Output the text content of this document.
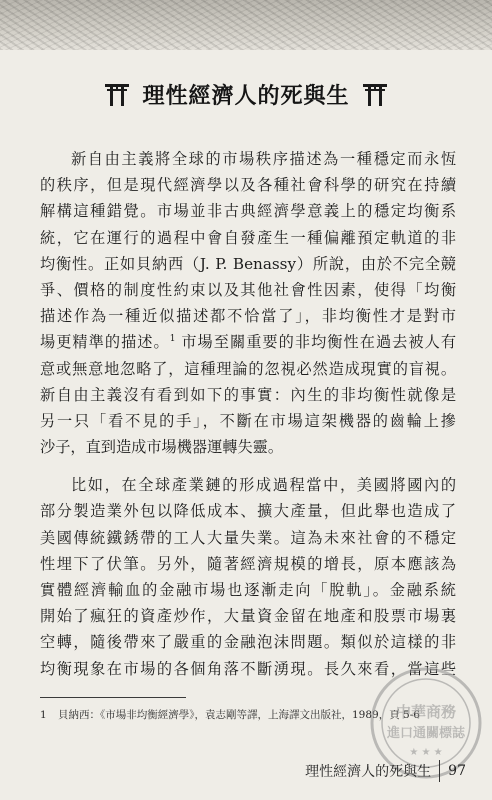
理性經濟人的死與生
新自由主義將全球的市場秩序描述為一種穩定而永恆
的秩序，但是現代經濟學以及各種社會科學的研究在持續
解構這種錯覺。市場並非古典經濟學意義上的穩定均衡系
統，它在運行的過程中會自發產生一種偏離預定軌道的非
均衡性。正如貝納西（J. P. Benassy）所說，由於不完全競
爭、價格的制度性約束以及其他社會性因素，使得「均衡
描述作為一種近似描述都不恰當了」，非均衡性才是對市
場更精準的描述。$^1$ 市場至關重要的非均衡性在過去被人有
意或無意地忽略了，這種理論的忽視必然造成現實的盲視。
新自由主義沒有看到如下的事實：內生的非均衡性就像是
另一只「看不見的手」，不斷在市場這架機器的齒輪上摻
沙子，直到造成市場機器運轉失靈。
比如，在全球產業鏈的形成過程當中，美國將國內的
部分製造業外包以降低成本、擴大產量，但此舉也造成了
美國傳統鐵銹帶的工人大量失業。這為未來社會的不穩定
性埋下了伏筆。另外，隨著經濟規模的增長，原本應該為
實體經濟輸血的金融市場也逐漸走向「脫軌」。金融系統
開始了瘋狂的資產炒作，大量資金留在地產和股票市場裏
空轉，隨後帶來了嚴重的金融泡沫問題。類似於這樣的非
均衡現象在市場的各個角落不斷湧現。長久來看，當這些
1 貝納西：《市場非均衡經濟學》，袁志剛等譯，上海譯文出版社，1989，頁 5-6
中華商務
進口通關標誌
★ ★ ★
理性經濟人的死與生 97
